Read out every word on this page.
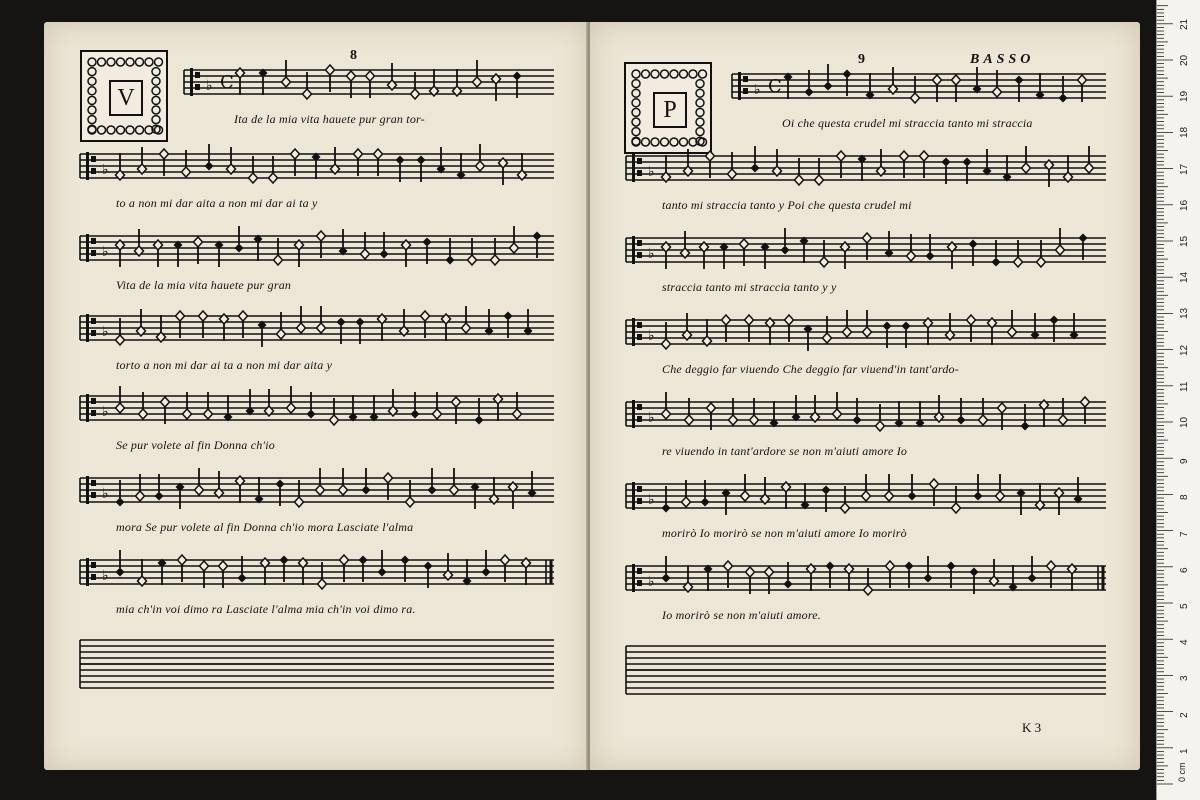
8
V	♭ C
♭
♭
♭
♭
♭
♭
Ita de la mia vita hauete pur gran tor-
to a non mi dar aita a non mi dar ai ta y
Vita de la mia vita hauete pur gran
torto a non mi dar ai ta a non mi dar aita y
Se pur volete al fin Donna ch'io
mora Se pur volete al fin Donna ch'io mora Lasciate l'alma
mia ch'in voi dimo ra Lasciate l'alma mia ch'in voi dimo ra.
9	BASSO
P
♭ C
♭
♭
♭
♭
♭
♭
Oi che questa crudel mi straccia tanto mi straccia
tanto mi straccia tanto y Poi che questa crudel mi
straccia tanto mi straccia tanto y y
Che deggio far viuendo Che deggio far viuend'in tant'ardo-
re viuendo in tant'ardore se non m'aiuti amore Io
morirò Io morirò se non m'aiuti amore Io morirò
Io morirò se non m'aiuti amore.
K 3
1
2
3
4
5
6
7
8
9
10
11
12
13
14
15
16
17
18
19
20
21
0 cm
